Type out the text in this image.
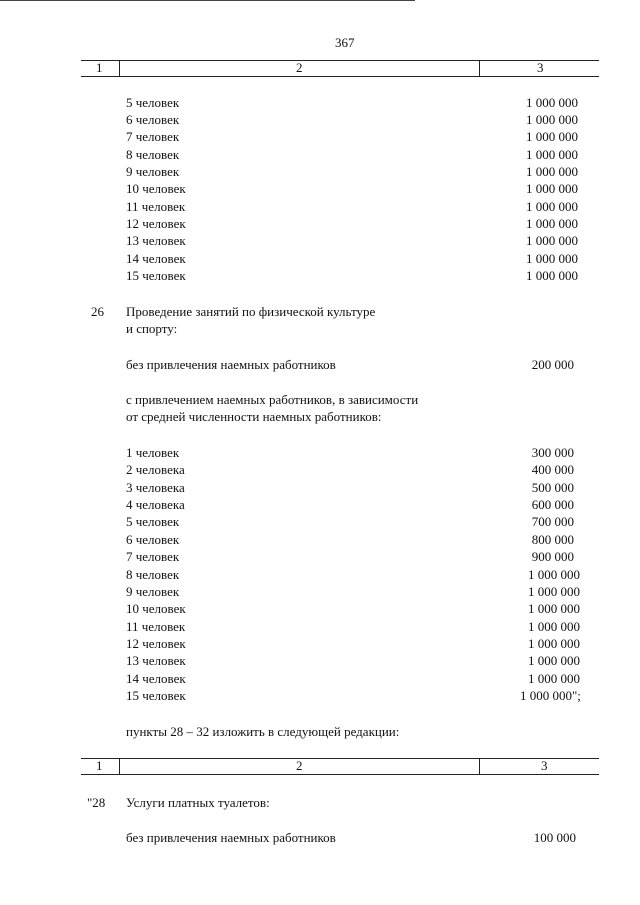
367
1	2	3
5 человек	1 000 000
6 человек	1 000 000
7 человек	1 000 000
8 человек	1 000 000
9 человек	1 000 000
10 человек	1 000 000
11 человек	1 000 000
12 человек	1 000 000
13 человек	1 000 000
14 человек	1 000 000
15 человек	1 000 000
26 Проведение занятий по физической культуре
и спорту:
без привлечения наемных работников	200 000
с привлечением наемных работников, в зависимости
от средней численности наемных работников:
1 человек	300 000
2 человека	400 000
3 человека	500 000
4 человека	600 000
5 человек	700 000
6 человек	800 000
7 человек	900 000
8 человек	1 000 000
9 человек	1 000 000
10 человек	1 000 000
11 человек	1 000 000
12 человек	1 000 000
13 человек	1 000 000
14 человек	1 000 000
15 человек	1 000 000";
пункты 28 – 32 изложить в следующей редакции:
1	2	3
"28 Услуги платных туалетов:
без привлечения наемных работников	100 000
